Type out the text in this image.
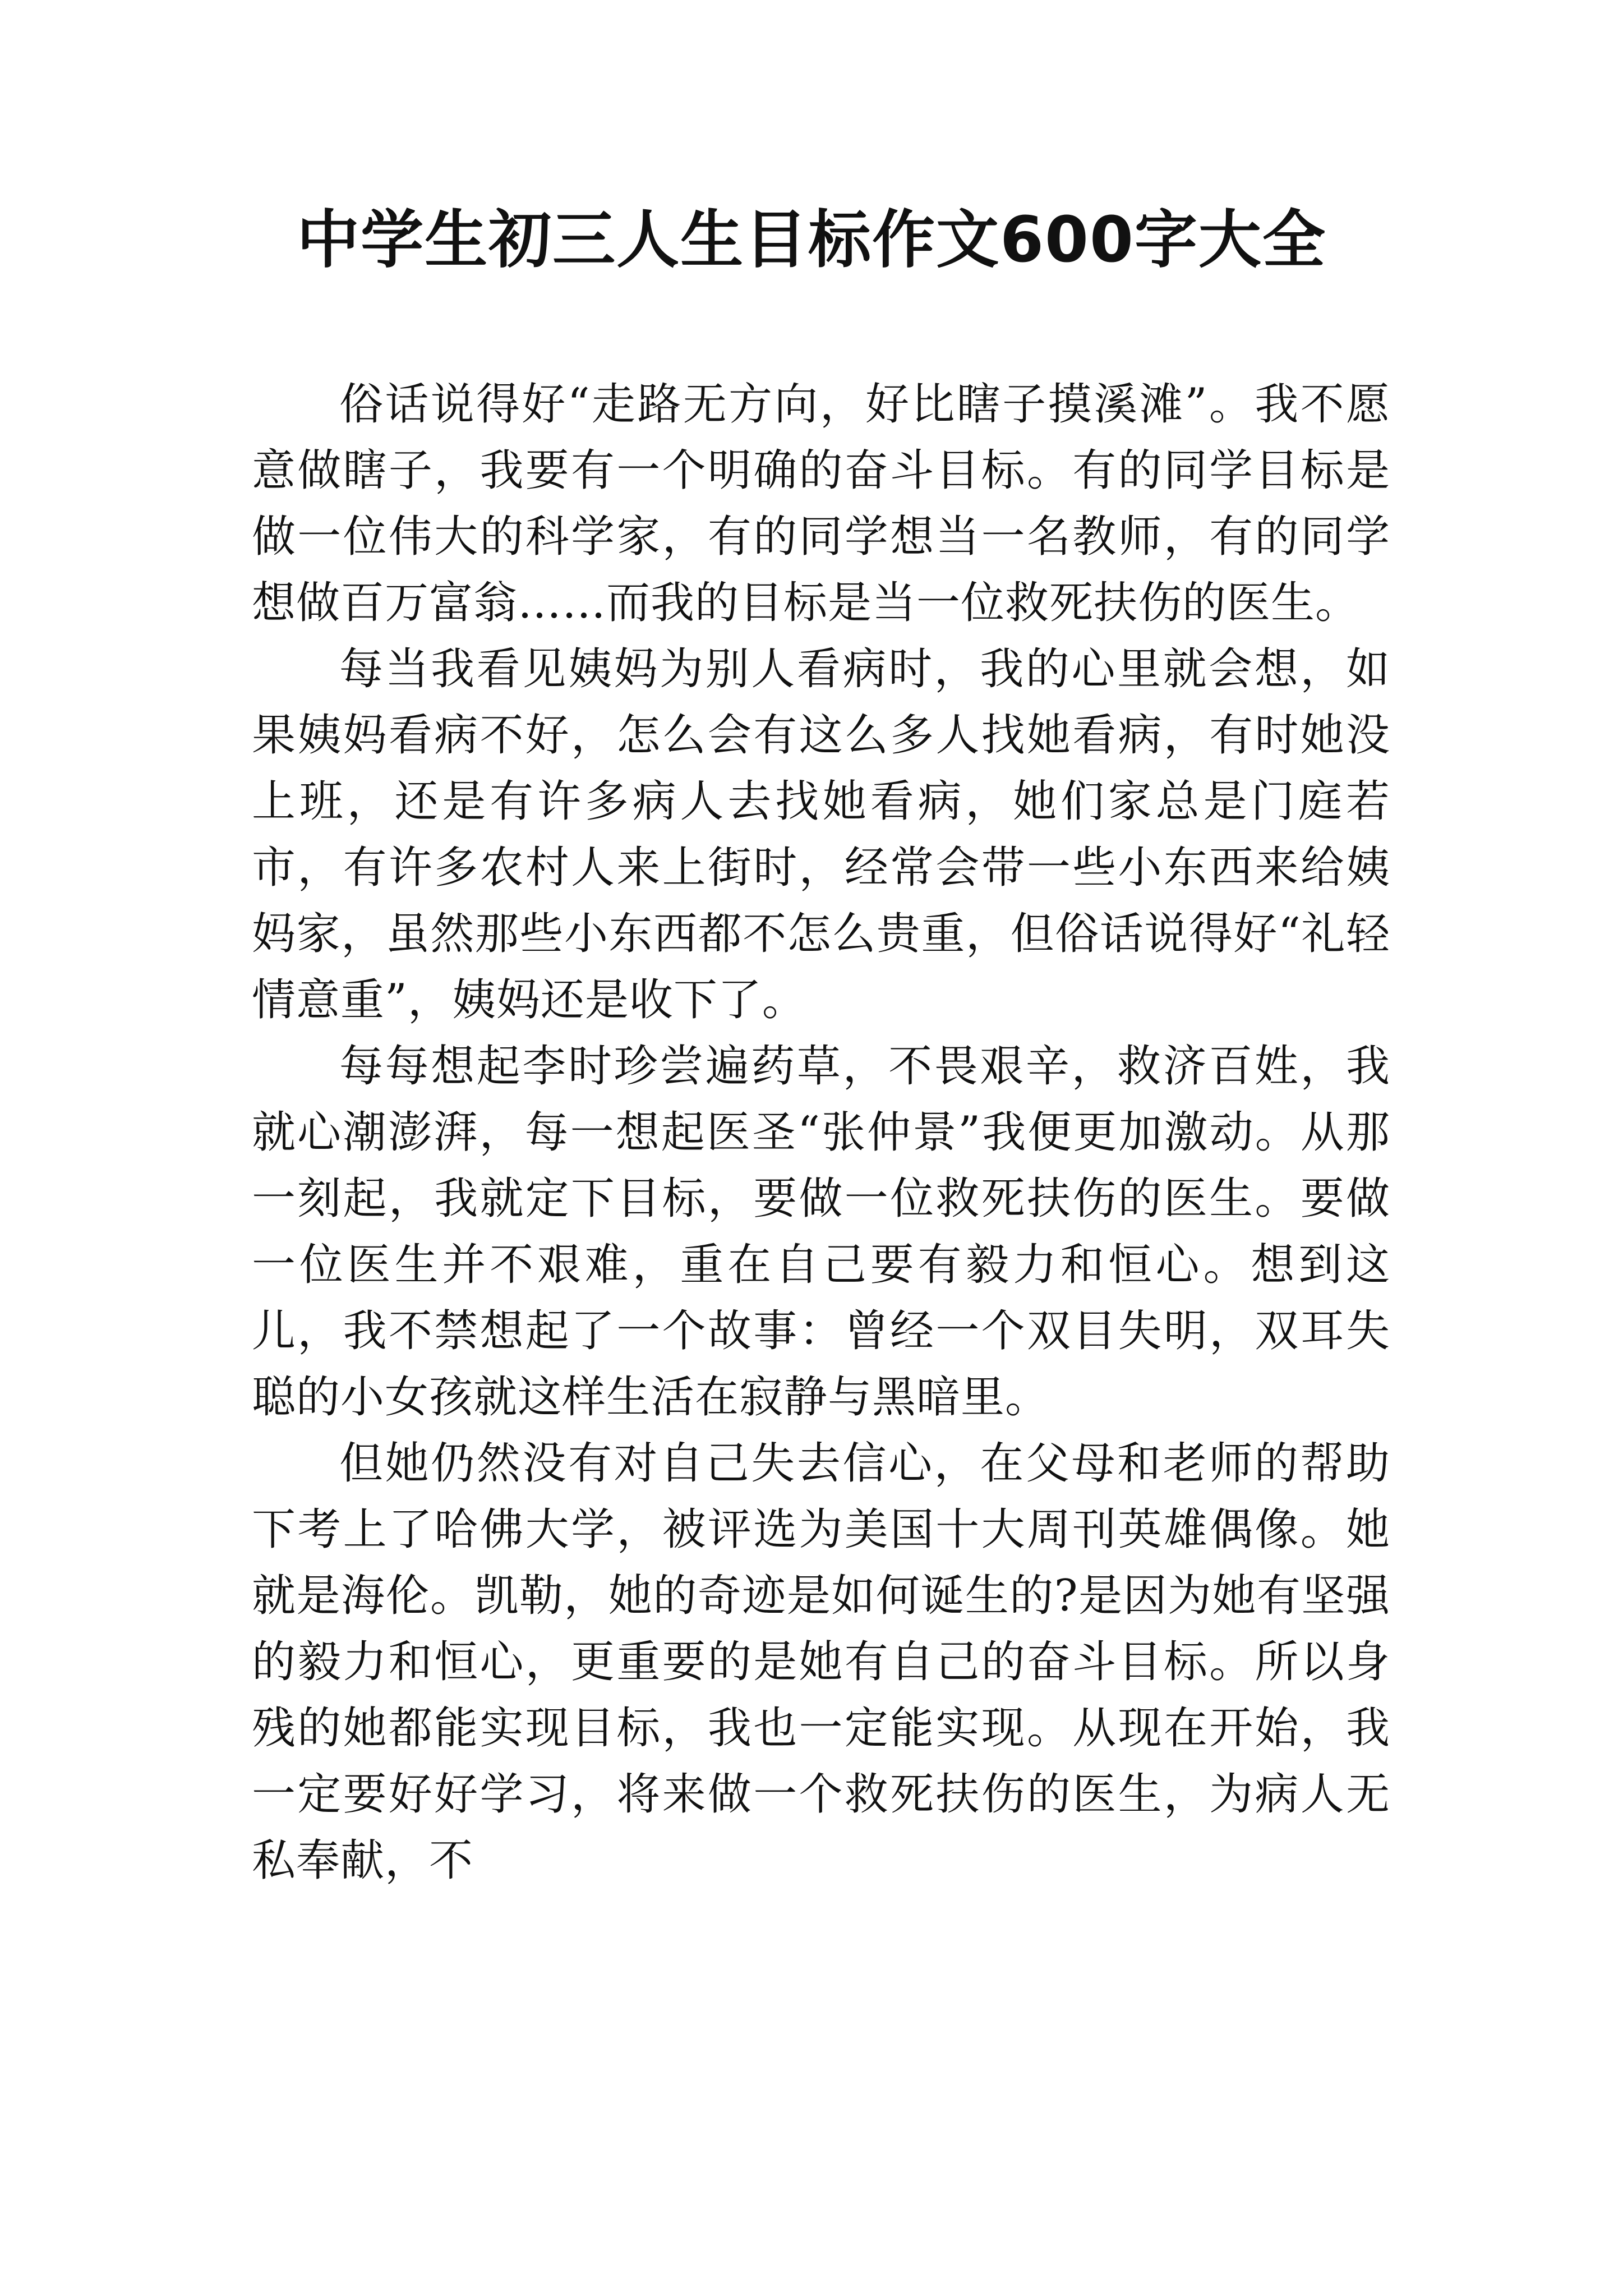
中学生初三人生目标作文600字大全

俗话说得好“走路无方向，好比瞎子摸溪滩”。我不愿意做瞎子，我要有一个明确的奋斗目标。有的同学目标是做一位伟大的科学家，有的同学想当一名教师，有的同学想做百万富翁……而我的目标是当一位救死扶伤的医生。

每当我看见姨妈为别人看病时，我的心里就会想，如果姨妈看病不好，怎么会有这么多人找她看病，有时她没上班，还是有许多病人去找她看病，她们家总是门庭若市，有许多农村人来上街时，经常会带一些小东西来给姨妈家，虽然那些小东西都不怎么贵重，但俗话说得好“礼轻情意重”，姨妈还是收下了。

每每想起李时珍尝遍药草，不畏艰辛，救济百姓，我就心潮澎湃，每一想起医圣“张仲景”我便更加激动。从那一刻起，我就定下目标，要做一位救死扶伤的医生。要做一位医生并不艰难，重在自己要有毅力和恒心。想到这儿，我不禁想起了一个故事：曾经一个双目失明，双耳失聪的小女孩就这样生活在寂静与黑暗里。

但她仍然没有对自己失去信心，在父母和老师的帮助下考上了哈佛大学，被评选为美国十大周刊英雄偶像。她就是海伦。凯勒，她的奇迹是如何诞生的?是因为她有坚强的毅力和恒心，更重要的是她有自己的奋斗目标。所以身残的她都能实现目标，我也一定能实现。从现在开始，我一定要好好学习，将来做一个救死扶伤的医生，为病人无私奉献，不
